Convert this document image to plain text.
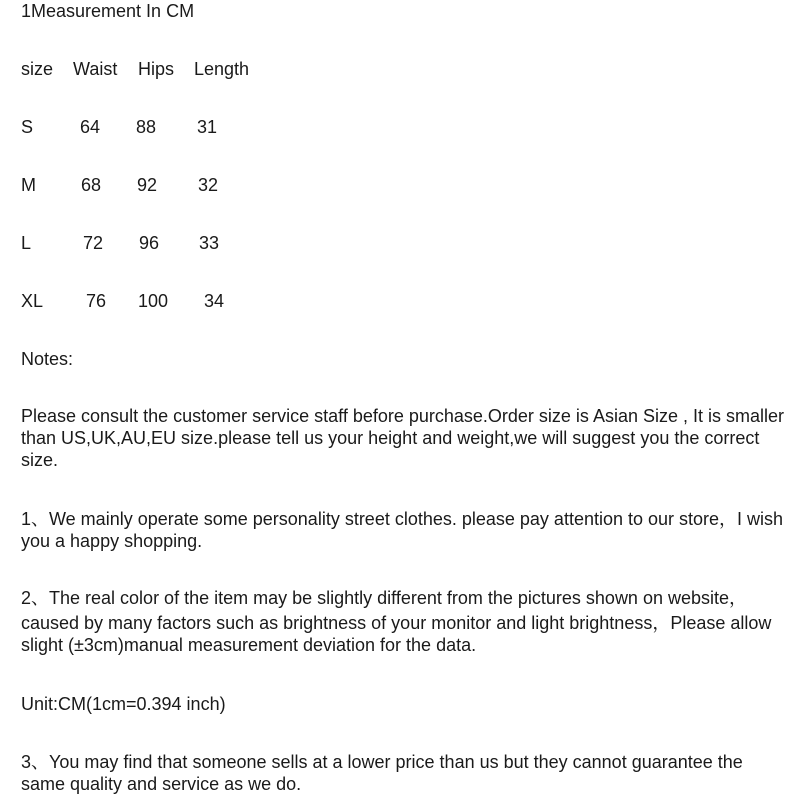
1Measurement In CM
size Waist Hips Length
S	64 88 31
M	68 92 32
L	72 96 33
XL 76 100 34
Notes:
Please consult the customer service staff before purchase.Order size is Asian Size , It is smaller
than US,UK,AU,EU size.please tell us your height and weight,we will suggest you the correct
size.
1、We mainly operate some personality street clothes. please pay attention to our store，I wish
you a happy shopping.
2、The real color of the item may be slightly different from the pictures shown on website，
caused by many factors such as brightness of your monitor and light brightness，Please allow
slight (±3cm)manual measurement deviation for the data.
Unit:CM(1cm=0.394 inch)
3、You may find that someone sells at a lower price than us but they cannot guarantee the
same quality and service as we do.
